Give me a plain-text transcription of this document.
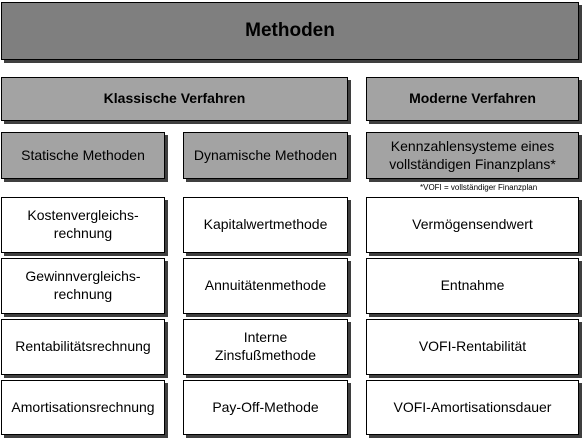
Methoden
Klassische Verfahren	Moderne Verfahren
Statische Methoden	Dynamische Methoden
Kennzahlensysteme eines
vollständigen Finanzplans*
*VOFI = vollständiger Finanzplan
Kostenvergleichs-
rechnung
Gewinnvergleichs-
rechnung
Rentabilitätsrechnung
Amortisationsrechnung
Kapitalwertmethode
Annuitätenmethode
Interne
Zinsfußmethode
Pay-Off-Methode
Vermögensendwert
Entnahme
VOFI-Rentabilität
VOFI-Amortisationsdauer
